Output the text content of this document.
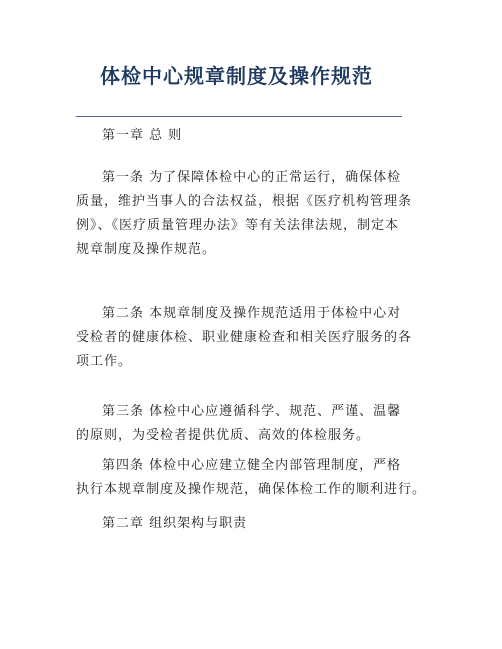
体检中心规章制度及操作规范
第一章 总 则
第一条 为了保障体检中心的正常运行，确保体检
质量，维护当事人的合法权益，根据《医疗机构管理条
例》、《医疗质量管理办法》等有关法律法规，制定本
规章制度及操作规范。
第二条 本规章制度及操作规范适用于体检中心对
受检者的健康体检、职业健康检查和相关医疗服务的各
项工作。
第三条 体检中心应遵循科学、规范、严谨、温馨
的原则，为受检者提供优质、高效的体检服务。
第四条 体检中心应建立健全内部管理制度，严格
执行本规章制度及操作规范，确保体检工作的顺利进行。
第二章 组织架构与职责
